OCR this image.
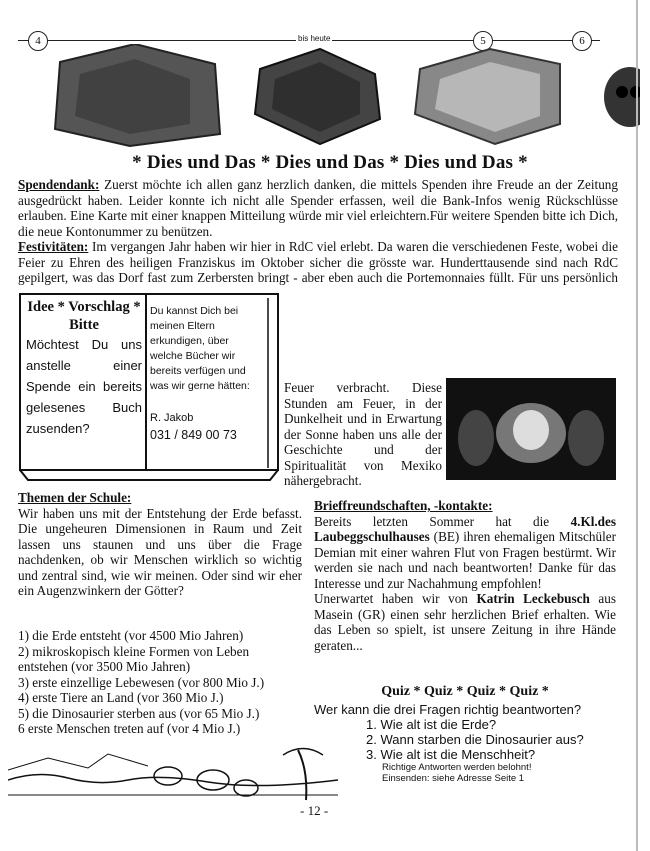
4	5	6
bis heute
* Dies und Das * Dies und Das * Dies und Das *
Spendendank: Zuerst möchte ich allen ganz herzlich danken, die mittels Spenden ihre Freude an der Zeitung ausgedrückt haben. Leider konnte ich nicht alle Spender erfassen, weil die Bank-Infos wenig Rückschlüsse erlauben. Eine Karte mit einer knappen Mitteilung würde mir viel erleichtern.Für weitere Spenden bitte ich Dich, die neue Kontonummer zu benützen.
Festivitäten: Im vergangen Jahr haben wir hier in RdC viel erlebt. Da waren die verschiedenen Feste, wobei die Feier zu Ehren des heiligen Franziskus im Oktober sicher die grösste war. Hunderttausende sind nach RdC gepilgert, was das Dorf fast zum Zerbersten bringt - aber eben auch die Portemonnaies füllt. Für uns persönlich
Idee * Vorschlag * Bitte
Möchtest Du uns anstelle einer Spende ein bereits gelesenes Buch zusenden?
Du kannst Dich bei meinen Eltern erkundigen, über welche Bücher wir bereits verfügen und was wir gerne hätten:
R. Jakob
031 / 849 00 73
Feuer verbracht. Diese Stunden am Feuer, in der Dunkelheit und in Erwartung der Sonne haben uns alle der Geschichte und der Spiritualität von Mexiko nähergebracht.
Themen der Schule:
Wir haben uns mit der Entstehung der Erde befasst. Die ungeheuren Dimensionen in Raum und Zeit lassen uns staunen und uns über die Frage nachdenken, ob wir Menschen wirklich so wichtig und zentral sind, wie wir meinen. Oder sind wir eher ein Augenzwinkern der Götter?
1) die Erde entsteht (vor 4500 Mio Jahren)
2) mikroskopisch kleine Formen von Leben entstehen (vor 3500 Mio Jahren)
3) erste einzellige Lebewesen (vor 800 Mio J.)
4) erste Tiere an Land (vor 360 Mio J.)
5) die Dinosaurier sterben aus (vor 65 Mio J.)
6 erste Menschen treten auf (vor 4 Mio J.)
Brieffreundschaften, -kontakte:
Bereits letzten Sommer hat die 4.Kl.des Laubeggschulhauses (BE) ihren ehemaligen Mitschüler Demian mit einer wahren Flut von Fragen bestürmt. Wir werden sie nach und nach beantworten! Danke für das Interesse und zur Nachahmung empfohlen!
Unerwartet haben wir von Katrin Leckebusch aus Masein (GR) einen sehr herzlichen Brief erhalten. Wie das Leben so spielt, ist unsere Zeitung in ihre Hände geraten...
Quiz * Quiz * Quiz * Quiz *
Wer kann die drei Fragen richtig beantworten?
1. Wie alt ist die Erde?
2. Wann starben die Dinosaurier aus?
3. Wie alt ist die Menschheit?
Richtige Antworten werden belohnt!
Einsenden: siehe Adresse Seite 1
- 12 -
